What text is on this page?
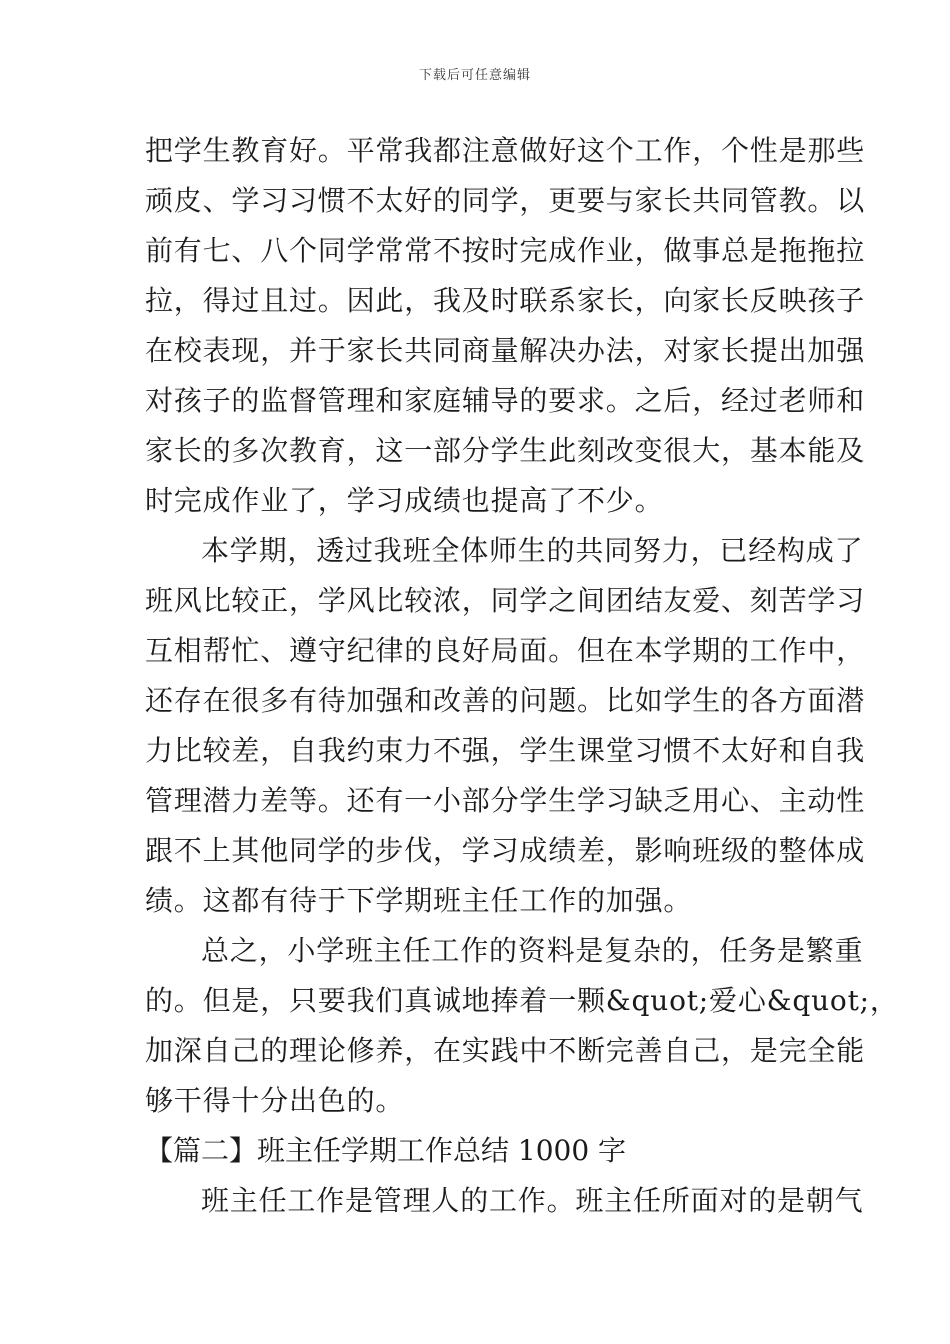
下载后可任意编辑
把学生教育好。平常我都注意做好这个工作，个性是那些
顽皮、学习习惯不太好的同学，更要与家长共同管教。以
前有七、八个同学常常不按时完成作业，做事总是拖拖拉
拉，得过且过。因此，我及时联系家长，向家长反映孩子
在校表现，并于家长共同商量解决办法，对家长提出加强
对孩子的监督管理和家庭辅导的要求。之后，经过老师和
家长的多次教育，这一部分学生此刻改变很大，基本能及
时完成作业了，学习成绩也提高了不少。
本学期，透过我班全体师生的共同努力，已经构成了
班风比较正，学风比较浓，同学之间团结友爱、刻苦学习
互相帮忙、遵守纪律的良好局面。但在本学期的工作中，
还存在很多有待加强和改善的问题。比如学生的各方面潜
力比较差，自我约束力不强，学生课堂习惯不太好和自我
管理潜力差等。还有一小部分学生学习缺乏用心、主动性
跟不上其他同学的步伐，学习成绩差，影响班级的整体成
绩。这都有待于下学期班主任工作的加强。
总之，小学班主任工作的资料是复杂的，任务是繁重
的。但是，只要我们真诚地捧着一颗&quot;爱心&quot;，
加深自己的理论修养，在实践中不断完善自己，是完全能
够干得十分出色的。
【篇二】班主任学期工作总结 1000 字
班主任工作是管理人的工作。班主任所面对的是朝气
